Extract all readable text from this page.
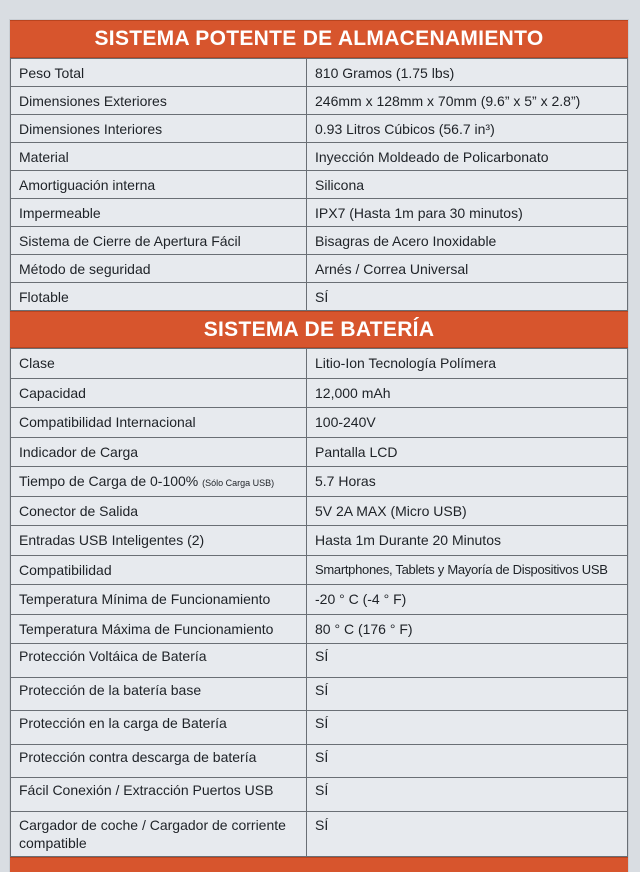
SISTEMA POTENTE DE ALMACENAMIENTO
Peso Total	810 Gramos (1.75 lbs)
Dimensiones Exteriores	246mm x 128mm x 70mm (9.6” x 5” x 2.8”)
Dimensiones Interiores	0.93 Litros Cúbicos (56.7 in³)
Material	Inyección Moldeado de Policarbonato
Amortiguación interna	Silicona
Impermeable	IPX7 (Hasta 1m para 30 minutos)
Sistema de Cierre de Apertura Fácil	Bisagras de Acero Inoxidable
Método de seguridad	Arnés / Correa Universal
Flotable	SÍ
SISTEMA DE BATERÍA
Clase	Litio-Ion Tecnología Polímera
Capacidad	12,000 mAh
Compatibilidad Internacional	100-240V
Indicador de Carga	Pantalla LCD
Tiempo de Carga de 0-100% (Sólo Carga USB)	5.7 Horas
Conector de Salida	5V 2A MAX (Micro USB)
Entradas USB Inteligentes (2)	Hasta 1m Durante 20 Minutos
Compatibilidad	Smartphones, Tablets y Mayoría de Dispositivos USB
Temperatura Mínima de Funcionamiento	-20 ° C (-4 ° F)
Temperatura Máxima de Funcionamiento	80 ° C (176 ° F)
Protección Voltáica de Batería	SÍ
Protección de la batería base	SÍ
Protección en la carga de Batería	SÍ
Protección contra descarga de batería	SÍ
Fácil Conexión / Extracción Puertos USB	SÍ
Cargador de coche / Cargador de corriente compatible	SÍ
